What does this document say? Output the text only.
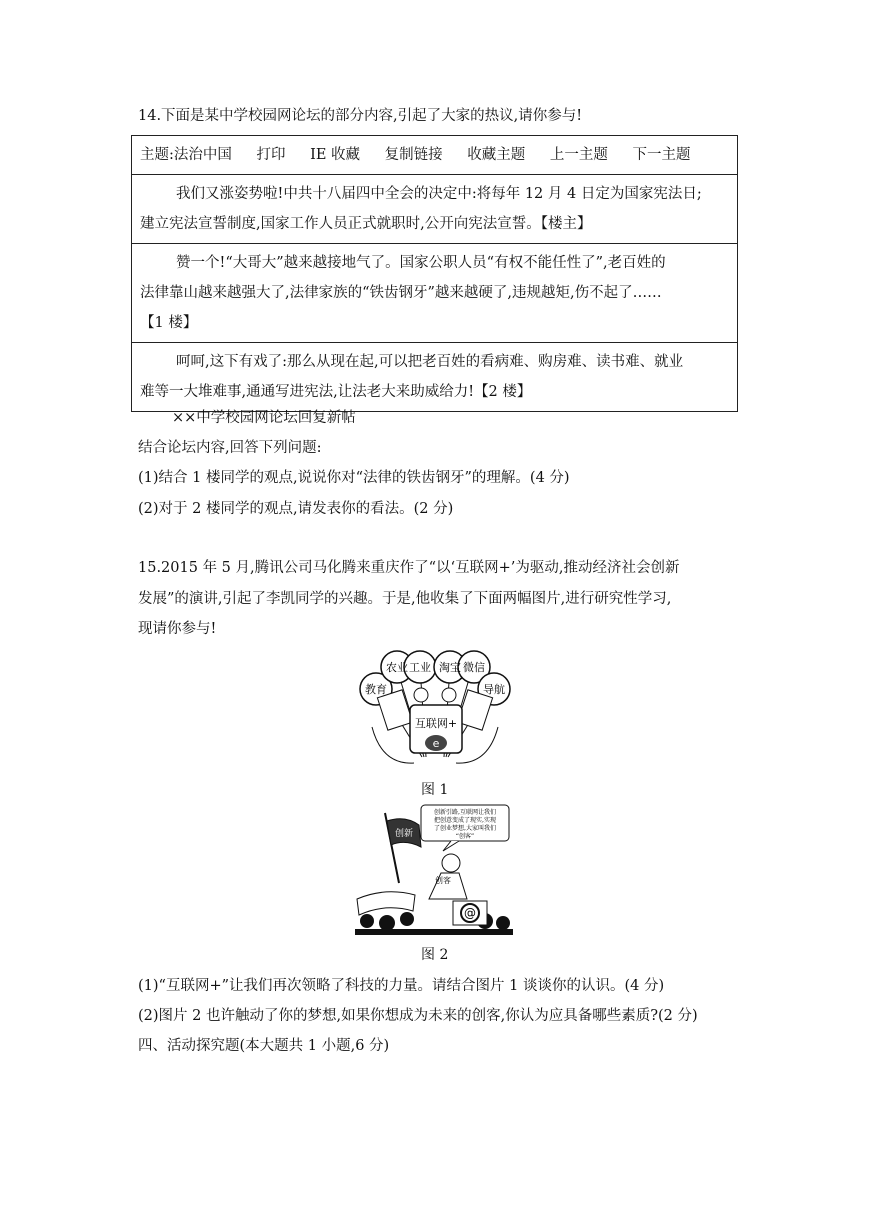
14.下面是某中学校园网论坛的部分内容,引起了大家的热议,请你参与!
主题:法治中国 打印 IE 收藏 复制链接 收藏主题 上一主题 下一主题

我们又涨姿势啦!中共十八届四中全会的决定中:将每年 12 月 4 日定为国家宪法日;
建立宪法宣誓制度,国家工作人员正式就职时,公开向宪法宣誓。【楼主】

赞一个!“大哥大”越来越接地气了。国家公职人员“有权不能任性了”,老百姓的
法律靠山越来越强大了,法律家族的“铁齿钢牙”越来越硬了,违规越矩,伤不起了……
【1 楼】

呵呵,这下有戏了:那么从现在起,可以把老百姓的看病难、购房难、读书难、就业
难等一大堆难事,通通写进宪法,让法老大来助威给力!【2 楼】
××中学校园网论坛回复新帖
结合论坛内容,回答下列问题:
(1)结合 1 楼同学的观点,说说你对“法律的铁齿钢牙”的理解。(4 分)
(2)对于 2 楼同学的观点,请发表你的看法。(2 分)
15.2015 年 5 月,腾讯公司马化腾来重庆作了“以‘互联网+’为驱动,推动经济社会创新
发展”的演讲,引起了李凯同学的兴趣。于是,他收集了下面两幅图片,进行研究性学习,
现请你参与!
农业 工业
教育
淘宝 微信
导航
互联网+
e
图 1
创新引路,互联网让我们
把创意变成了现实,实现
了创业梦想,大家叫我们
“创客”
创新
创客
@
图 2
(1)“互联网+”让我们再次领略了科技的力量。请结合图片 1 谈谈你的认识。(4 分)
(2)图片 2 也许触动了你的梦想,如果你想成为未来的创客,你认为应具备哪些素质?(2 分)
四、活动探究题(本大题共 1 小题,6 分)
